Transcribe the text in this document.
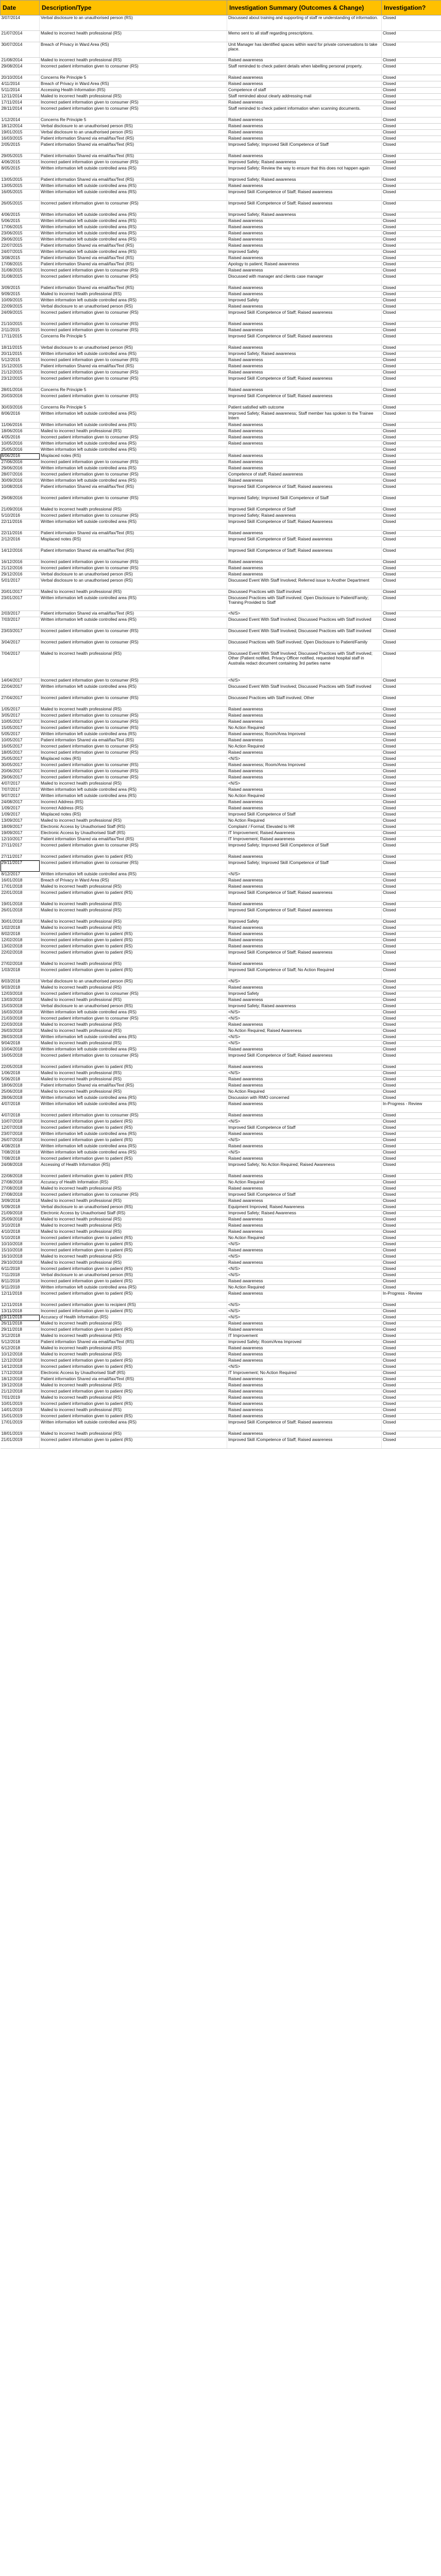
Date	Description/Type	Investigation Summary (Outcomes & Change)	Investigation?
3/07/2014	Verbal disclosure to an unauthorised person (RS)	Discussed about training and supporting of staff re understanding of information.	Closed
21/07/2014	Mailed to incorrect health professional (RS)	Memo sent to all staff regarding prescriptions.	Closed
30/07/2014	Breach of Privacy in Ward Area (RS)	Unit Manager has identified spaces within ward for private conversations to take place.	Closed
21/08/2014	Mailed to incorrect health professional (RS)	Raised awareness	Closed
29/08/2014	Incorrect patient information given to consumer (RS)	Staff reminded to check patient details when labelling personal property.	Closed
20/10/2014	Concerns Re Principle 5	Raised awareness	Closed
4/11/2014	Breach of Privacy in Ward Area (RS)	Raised awareness	Closed
5/11/2014	Accessing Health Information (RS)	Competence of staff	Closed
12/11/2014	Mailed to incorrect health professional (RS)	Staff reminded about clearly addressing mail	Closed
17/11/2014	Incorrect patient information given to consumer (RS)	Raised awareness	Closed
28/11/2014	Incorrect patient information given to consumer (RS)	Staff reminded to check patient information when scanning documents.	Closed
1/12/2014	Concerns Re Principle 5	Raised awareness	Closed
18/12/2014	Verbal disclosure to an unauthorised person (RS)	Raised awareness	Closed
19/01/2015	Verbal disclosure to an unauthorised person (RS)	Raised awareness	Closed
16/03/2015	Patient information Shared via email/fax/Text (RS)	Raised awareness	Closed
2/05/2015	Patient information Shared via email/fax/Text (RS)	Improved Safety; Improved Skill /Competence of Staff	Closed
29/05/2015	Patient information Shared via email/fax/Text (RS)	Raised awareness	Closed
4/06/2015	Incorrect patient information given to consumer (RS)	Improved Safety; Raised awareness	Closed
8/05/2015	Written information left outside controlled area (RS)	Improved Safety; Review the way to ensure that this does not happen again	Closed
13/05/2015	Patient information Shared via email/fax/Text (RS)	Improved Safety; Raised awareness	Closed
13/05/2015	Written information left outside controlled area (RS)	Raised awareness	Closed
16/05/2015	Written information left outside controlled area (RS)	Improved Skill /Competence of Staff; Raised awareness	Closed
26/05/2015	Incorrect patient information given to consumer (RS)	Improved Skill /Competence of Staff; Raised awareness	Closed
4/06/2015	Written information left outside controlled area (RS)	Improved Safety; Raised awareness	Closed
5/06/2015	Written information left outside controlled area (RS)	Raised awareness	Closed
17/06/2015	Written information left outside controlled area (RS)	Raised awareness	Closed
23/06/2015	Written information left outside controlled area (RS)	Raised awareness	Closed
29/06/2015	Written information left outside controlled area (RS)	Raised awareness	Closed
22/07/2015	Patient information Shared via email/fax/Text (RS)	Raised awareness	Closed
24/07/2015	Written information left outside controlled area (RS)	Improved Safety	Closed
3/08/2015	Patient information Shared via email/fax/Text (RS)	Raised awareness	Closed
17/08/2015	Patient information Shared via email/fax/Text (RS)	Apology to patient; Raised awareness	Closed
31/08/2015	Incorrect patient information given to consumer (RS)	Raised awareness	Closed
31/08/2015	Incorrect patient information given to consumer (RS)	Discussed with manager and clients case manager	Closed
3/09/2015	Patient information Shared via email/fax/Text (RS)	Raised awareness	Closed
9/09/2015	Mailed to incorrect health professional (RS)	Raised awareness	Closed
10/09/2015	Written information left outside controlled area (RS)	Improved Safety	Closed
22/09/2015	Verbal disclosure to an unauthorised person (RS)	Raised awareness	Closed
24/09/2015	Incorrect patient information given to consumer (RS)	Improved Skill /Competence of Staff; Raised awareness	Closed
21/10/2015	Incorrect patient information given to consumer (RS)	Raised awareness	Closed
2/11/2015	Incorrect patient information given to consumer (RS)	Raised awareness	Closed
17/11/2015	Concerns Re Principle 5	Improved Skill /Competence of Staff; Raised awareness	Closed
18/11/2015	Verbal disclosure to an unauthorised person (RS)	Raised awareness	Closed
20/11/2015	Written information left outside controlled area (RS)	Improved Safety; Raised awareness	Closed
5/12/2015	Incorrect patient information given to consumer (RS)	Raised awareness	Closed
15/12/2015	Patient information Shared via email/fax/Text (RS)	Raised awareness	Closed
21/12/2015	Incorrect patient information given to consumer (RS)	Raised awareness	Closed
23/12/2015	Incorrect patient information given to consumer (RS)	Improved Skill /Competence of Staff; Raised awareness	Closed
28/01/2016	Concerns Re Principle 5	Raised awareness	Closed
20/03/2016	Incorrect patient information given to consumer (RS)	Improved Skill /Competence of Staff; Raised awareness	Closed
30/03/2016	Concerns Re Principle 5	Patient satisfied with outcome	Closed
8/06/2016	Written information left outside controlled area (RS)	Improved Safety; Raised awareness; Staff member has spoken to the Trainee Intern	Closed
11/06/2016	Written information left outside controlled area (RS)	Raised awareness	Closed
18/06/2016	Mailed to incorrect health professional (RS)	Raised awareness	Closed
4/05/2016	Incorrect patient information given to consumer (RS)	Raised awareness	Closed
10/05/2016	Written information left outside controlled area (RS)	Raised awareness	Closed
25/05/2016	Written information left outside controlled area (RS)		Closed
8/06/2016	Misplaced notes (RS)	Raised awareness	Closed
27/06/2016	Incorrect patient information given to consumer (RS)	Raised awareness	Closed
29/06/2016	Written information left outside controlled area (RS)	Raised awareness	Closed
28/07/2016	Incorrect patient information given to consumer (RS)	Competence of staff; Raised awareness	Closed
30/09/2016	Written information left outside controlled area (RS)	Raised awareness	Closed
10/08/2016	Patient information Shared via email/fax/Text (RS)	Improved Skill /Competence of Staff; Raised awareness	Closed
29/08/2016	Incorrect patient information given to consumer (RS)	Improved Safety; Improved Skill /Competence of Staff	Closed
21/09/2016	Mailed to incorrect health professional (RS)	Improved Skill /Competence of Staff	Closed
5/10/2016	Incorrect patient information given to consumer (RS)	Improved Safety; Raised awareness	Closed
22/11/2016	Written information left outside controlled area (RS)	Improved Skill /Competence of Staff; Raised Awareness	Closed
22/11/2016	Patient information Shared via email/fax/Text (RS)	Raised awareness	Closed
2/12/2016	Misplaced notes (RS)	Improved Skill /Competence of Staff; Raised awareness	Closed
14/12/2016	Patient information Shared via email/fax/Text (RS)	Improved Skill /Competence of Staff; Raised awareness	Closed
16/12/2016	Incorrect patient information given to consumer (RS)	Raised awareness	Closed
21/12/2016	Incorrect patient information given to consumer (RS)	Raised awareness	Closed
29/12/2016	Verbal disclosure to an unauthorised person (RS)	Raised awareness	Closed
5/01/2017	Verbal disclosure to an unauthorised person (RS)	Discussed Event With Staff Involved; Referred issue to Another Department	Closed
20/01/2017	Mailed to incorrect health professional (RS)	Discussed Practices with Staff involved	Closed
23/01/2017	Written information left outside controlled area (RS)	Discussed Practices with Staff involved; Open Disclosure to Patient/Family; Training Provided to Staff	Closed
2/03/2017	Patient information Shared via email/fax/Text (RS)	<N/S>	Closed
7/03/2017	Written information left outside controlled area (RS)	Discussed Event With Staff Involved; Discussed Practices with Staff involved	Closed
23/03/2017	Incorrect patient information given to consumer (RS)	Discussed Event With Staff Involved; Discussed Practices with Staff involved	Closed
3/04/2017	Incorrect patient information given to consumer (RS)	Discussed Practices with Staff involved; Open Disclosure to Patient/Family	Closed
7/04/2017	Mailed to incorrect health professional (RS)	Discussed Event With Staff Involved; Discussed Practices with Staff involved; Other (Patient notified, Privacy Officer notified, requested hospital staff in Australia redact document containing 3rd parties name	Closed
14/04/2017	Incorrect patient information given to consumer (RS)	<N/S>	Closed
22/04/2017	Written information left outside controlled area (RS)	Discussed Event With Staff Involved; Discussed Practices with Staff involved	Closed
27/04/2017	Incorrect patient information given to consumer (RS)	Discussed Practices with Staff involved; Other	Closed
1/05/2017	Mailed to incorrect health professional (RS)	Raised awareness	Closed
3/05/2017	Incorrect patient information given to consumer (RS)	Raised awareness	Closed
10/05/2017	Incorrect patient information given to consumer (RS)	Raised awareness	Closed
15/05/2017	Incorrect patient information given to consumer (RS)	No Action Required	Closed
5/05/2017	Written information left outside controlled area (RS)	Raised awareness; Room/Area Improved	Closed
10/05/2017	Patient information Shared via email/fax/Text (RS)	Raised awareness	Closed
16/05/2017	Incorrect patient information given to consumer (RS)	No Action Required	Closed
18/05/2017	Incorrect patient information given to consumer (RS)	Raised awareness	Closed
25/05/2017	Misplaced notes (RS)	<N/S>	Closed
30/05/2017	Incorrect patient information given to consumer (RS)	Raised awareness; Room/Area Improved	Closed
20/06/2017	Incorrect patient information given to consumer (RS)	Raised awareness	Closed
29/06/2017	Incorrect patient information given to consumer (RS)	Raised awareness	Closed
4/07/2017	Mailed to incorrect health professional (RS)	<N/S>	Closed
7/07/2017	Written information left outside controlled area (RS)	Raised awareness	Closed
9/07/2017	Written information left outside controlled area (RS)	No Action Required	Closed
24/08/2017	Incorrect Address (RS)	Raised awareness	Closed
1/09/2017	Incorrect Address (RS)	Raised awareness	Closed
1/09/2017	Misplaced notes (RS)	Improved Skill /Competence of Staff	Closed
13/09/2017	Mailed to incorrect health professional (RS)	No Action Required	Closed
18/09/2017	Electronic Access by Unauthorised Staff (RS)	Complaint / Formal; Elevated to HR	Closed
19/09/2017	Electronic Access by Unauthorised Staff (RS)	IT Improvement; Raised Awareness	Closed
12/10/2017	Patient information Shared via email/fax/Text (RS)	IT Improvement; Raised awareness	Closed
27/11/2017	Incorrect patient information given to consumer (RS)	Improved Safety; Improved Skill /Competence of Staff	Closed
27/11/2017	Incorrect patient information given to patient (RS)	Raised awareness	Closed
29/11/2017	Incorrect patient information given to consumer (RS)	Improved Safety; Improved Skill /Competence of Staff	Closed
8/12/2017	Written information left outside controlled area (RS)	<N/S>	Closed
16/01/2018	Breach of Privacy in Ward Area (RS)	Raised awareness	Closed
17/01/2018	Mailed to incorrect health professional (RS)	Raised awareness	Closed
22/01/2018	Incorrect patient information given to patient (RS)	Improved Skill /Competence of Staff; Raised awareness	Closed
19/01/2018	Mailed to incorrect health professional (RS)	Raised awareness	Closed
26/01/2018	Mailed to incorrect health professional (RS)	Improved Skill /Competence of Staff; Raised awareness	Closed
30/01/2018	Mailed to incorrect health professional (RS)	Improved Safety	Closed
1/02/2018	Mailed to incorrect health professional (RS)	Raised awareness	Closed
8/02/2018	Incorrect patient information given to patient (RS)	Raised awareness	Closed
12/02/2018	Incorrect patient information given to patient (RS)	Raised awareness	Closed
13/02/2018	Incorrect patient information given to patient (RS)	Raised awareness	Closed
22/02/2018	Incorrect patient information given to patient (RS)	Improved Skill /Competence of Staff; Raised awareness	Closed
27/02/2018	Mailed to incorrect health professional (RS)	Raised awareness	Closed
1/03/2018	Incorrect patient information given to patient (RS)	Improved Skill /Competence of Staff; No Action Required	Closed
8/03/2018	Verbal disclosure to an unauthorised person (RS)	<N/S>	Closed
9/03/2018	Mailed to incorrect health professional (RS)	Raised awareness	Closed
12/03/2018	Incorrect patient information given to consumer (RS)	Improved Safety	Closed
13/03/2018	Mailed to incorrect health professional (RS)	Raised awareness	Closed
15/03/2018	Verbal disclosure to an unauthorised person (RS)	Improved Safety; Raised awareness	Closed
16/03/2018	Written information left outside controlled area (RS)	<N/S>	Closed
21/03/2018	Incorrect patient information given to consumer (RS)	<N/S>	Closed
22/03/2018	Mailed to incorrect health professional (RS)	Raised awareness	Closed
26/03/2018	Mailed to incorrect health professional (RS)	No Action Required; Raised Awareness	Closed
28/03/2018	Written information left outside controlled area (RS)	<N/S>	Closed
9/04/2018	Mailed to incorrect health professional (RS)	<N/S>	Closed
10/04/2018	Written information left outside controlled area (RS)	Raised awareness	Closed
16/05/2018	Incorrect patient information given to consumer (RS)	Improved Skill /Competence of Staff; Raised awareness	Closed
22/05/2018	Incorrect patient information given to patient (RS)	Raised awareness	Closed
1/06/2018	Mailed to incorrect health professional (RS)	<N/S>	Closed
5/06/2018	Mailed to incorrect health professional (RS)	Raised awareness	Closed
18/06/2018	Patient information Shared via email/fax/Text (RS)	Raised awareness	Closed
25/06/2018	Mailed to incorrect health professional (RS)	No Action Required	Closed
28/06/2018	Written information left outside controlled area (RS)	Discussion with RMO concerned	Closed
4/07/2018	Written information left outside controlled area (RS)	Raised awareness	In-Progress - Review
4/07/2018	Incorrect patient information given to consumer (RS)	Raised awareness	Closed
10/07/2018	Incorrect patient information given to patient (RS)	<N/S>	Closed
12/07/2018	Incorrect patient information given to patient (RS)	Improved Skill /Competence of Staff	Closed
23/07/2018	Written information left outside controlled area (RS)	Raised awareness	Closed
26/07/2018	Incorrect patient information given to patient (RS)	<N/S>	Closed
4/08/2018	Written information left outside controlled area (RS)	Raised awareness	Closed
7/08/2018	Written information left outside controlled area (RS)	<N/S>	Closed
7/08/2018	Incorrect patient information given to patient (RS)	Raised awareness	Closed
24/08/2018	Accessing of Health Information (RS)	Improved Safety; No Action Required; Raised Awareness	Closed
22/08/2018	Incorrect patient information given to patient (RS)	Raised awareness	Closed
27/08/2018	Accuracy of Health Information (RS)	No Action Required	Closed
27/08/2018	Mailed to incorrect health professional (RS)	Raised awareness	Closed
27/08/2018	Incorrect patient information given to consumer (RS)	Improved Skill /Competence of Staff	Closed
3/09/2018	Mailed to incorrect health professional (RS)	Raised awareness	Closed
5/09/2018	Verbal disclosure to an unauthorised person (RS)	Equipment Improved; Raised Awareness	Closed
21/09/2018	Electronic Access by Unauthorised Staff (RS)	Improved Safety; Raised Awareness	Closed
25/09/2018	Mailed to incorrect health professional (RS)	Raised awareness	Closed
3/10/2018	Mailed to incorrect health professional (RS)	Raised awareness	Closed
4/10/2018	Mailed to incorrect health professional (RS)	Raised awareness	Closed
5/10/2018	Incorrect patient information given to patient (RS)	No Action Required	Closed
10/10/2018	Incorrect patient information given to patient (RS)	<N/S>	Closed
15/10/2018	Incorrect patient information given to patient (RS)	Raised awareness	Closed
16/10/2018	Mailed to incorrect health professional (RS)	<N/S>	Closed
29/10/2018	Mailed to incorrect health professional (RS)	Raised awareness	Closed
6/11/2018	Incorrect patient information given to patient (RS)	<N/S>	Closed
7/11/2018	Verbal disclosure to an unauthorised person (RS)	<N/S>	Closed
8/11/2018	Incorrect patient information given to patient (RS)	Raised awareness	Closed
9/11/2018	Written information left outside controlled area (RS)	No Action Required	Closed
12/11/2018	Incorrect patient information given to patient (RS)	Raised awareness	In-Progress - Review
12/11/2018	Incorrect patient information given to recipient (RS)	<N/S>	Closed
13/11/2018	Incorrect patient information given to patient (RS)	<N/S>	Closed
19/11/2018	Accuracy of Health Information (RS)	<N/S>	Closed
26/11/2018	Mailed to incorrect health professional (RS)	Raised awareness	Closed
29/11/2018	Incorrect patient information given to patient (RS)	Raised awareness	Closed
3/12/2018	Mailed to incorrect health professional (RS)	IT Improvement	Closed
5/12/2018	Patient information Shared via email/fax/Text (RS)	Improved Safety; Room/Area Improved	Closed
6/12/2018	Mailed to incorrect health professional (RS)	Raised awareness	Closed
10/12/2018	Mailed to incorrect health professional (RS)	Raised awareness	Closed
12/12/2018	Incorrect patient information given to patient (RS)	Raised awareness	Closed
14/12/2018	Incorrect patient information given to patient (RS)	<N/S>	Closed
17/12/2018	Electronic Access by Unauthorised Staff (RS)	IT Improvement; No Action Required	Closed
18/12/2018	Patient information Shared via email/fax/Text (RS)	Raised awareness	Closed
19/12/2018	Mailed to incorrect health professional (RS)	Raised awareness	Closed
21/12/2018	Incorrect patient information given to patient (RS)	Raised awareness	Closed
7/01/2019	Mailed to incorrect health professional (RS)	Raised awareness	Closed
10/01/2019	Incorrect patient information given to patient (RS)	Raised awareness	Closed
14/01/2019	Mailed to incorrect health professional (RS)	Raised awareness	Closed
15/01/2019	Incorrect patient information given to patient (RS)	Raised awareness	Closed
17/01/2019	Written information left outside controlled area (RS)	Improved Skill /Competence of Staff; Raised awareness	Closed
18/01/2019	Mailed to incorrect health professional (RS)	Raised awareness	Closed
21/01/2019	Incorrect patient information given to patient (RS)	Improved Skill /Competence of Staff; Raised awareness	Closed
